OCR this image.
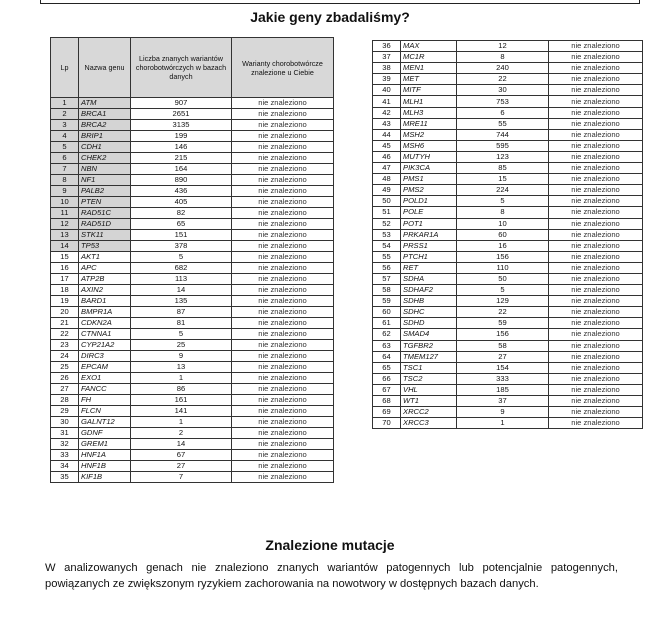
Jakie geny zbadaliśmy?
Lp	Nazwa genu	Liczba znanych wariantów chorobotwórczych w bazach danych	Warianty chorobotwórcze znalezione u Ciebie
1	ATM	907	nie znaleziono
2	BRCA1	2651	nie znaleziono
3	BRCA2	3135	nie znaleziono
4	BRIP1	199	nie znaleziono
5	CDH1	146	nie znaleziono
6	CHEK2	215	nie znaleziono
7	NBN	164	nie znaleziono
8	NF1	890	nie znaleziono
9	PALB2	436	nie znaleziono
10	PTEN	405	nie znaleziono
11	RAD51C	82	nie znaleziono
12	RAD51D	65	nie znaleziono
13	STK11	151	nie znaleziono
14	TP53	378	nie znaleziono
15	AKT1	5	nie znaleziono
16	APC	682	nie znaleziono
17	ATP2B	113	nie znaleziono
18	AXIN2	14	nie znaleziono
19	BARD1	135	nie znaleziono
20	BMPR1A	87	nie znaleziono
21	CDKN2A	81	nie znaleziono
22	CTNNA1	5	nie znaleziono
23	CYP21A2	25	nie znaleziono
24	DIRC3	9	nie znaleziono
25	EPCAM	13	nie znaleziono
26	EXO1	1	nie znaleziono
27	FANCC	86	nie znaleziono
28	FH	161	nie znaleziono
29	FLCN	141	nie znaleziono
30	GALNT12	1	nie znaleziono
31	GDNF	2	nie znaleziono
32	GREM1	14	nie znaleziono
33	HNF1A	67	nie znaleziono
34	HNF1B	27	nie znaleziono
35	KIF1B	7	nie znaleziono
36	MAX	12	nie znaleziono
37	MC1R	8	nie znaleziono
38	MEN1	240	nie znaleziono
39	MET	22	nie znaleziono
40	MITF	30	nie znaleziono
41	MLH1	753	nie znaleziono
42	MLH3	6	nie znaleziono
43	MRE11	55	nie znaleziono
44	MSH2	744	nie znaleziono
45	MSH6	595	nie znaleziono
46	MUTYH	123	nie znaleziono
47	PIK3CA	85	nie znaleziono
48	PMS1	15	nie znaleziono
49	PMS2	224	nie znaleziono
50	POLD1	5	nie znaleziono
51	POLE	8	nie znaleziono
52	POT1	10	nie znaleziono
53	PRKAR1A	60	nie znaleziono
54	PRSS1	16	nie znaleziono
55	PTCH1	156	nie znaleziono
56	RET	110	nie znaleziono
57	SDHA	50	nie znaleziono
58	SDHAF2	5	nie znaleziono
59	SDHB	129	nie znaleziono
60	SDHC	22	nie znaleziono
61	SDHD	59	nie znaleziono
62	SMAD4	156	nie znaleziono
63	TGFBR2	58	nie znaleziono
64	TMEM127	27	nie znaleziono
65	TSC1	154	nie znaleziono
66	TSC2	333	nie znaleziono
67	VHL	185	nie znaleziono
68	WT1	37	nie znaleziono
69	XRCC2	9	nie znaleziono
70	XRCC3	1	nie znaleziono
Znalezione mutacje
W analizowanych genach nie znaleziono znanych wariantów patogennych lub potencjalnie patogennych, powiązanych ze zwiększonym ryzykiem zachorowania na nowotwory w dostępnych bazach danych.
